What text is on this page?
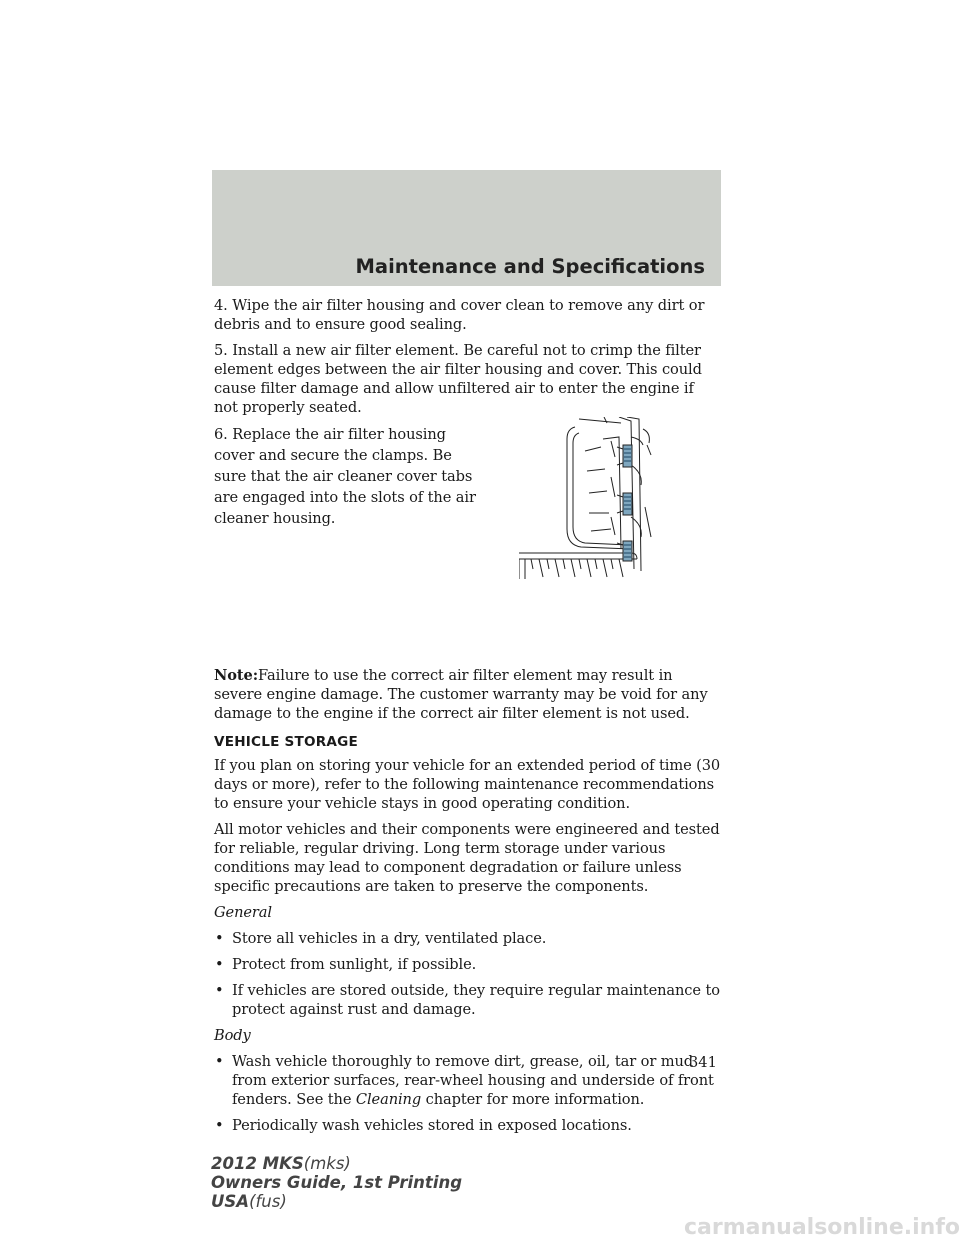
Maintenance and Specifications

4. Wipe the air filter housing and cover clean to remove any dirt or debris and to ensure good sealing.

5. Install a new air filter element. Be careful not to crimp the filter element edges between the air filter housing and cover. This could cause filter damage and allow unfiltered air to enter the engine if not properly seated.

6. Replace the air filter housing cover and secure the clamps. Be sure that the air cleaner cover tabs are engaged into the slots of the air cleaner housing.

Note:Failure to use the correct air filter element may result in severe engine damage. The customer warranty may be void for any damage to the engine if the correct air filter element is not used.

VEHICLE STORAGE

If you plan on storing your vehicle for an extended period of time (30 days or more), refer to the following maintenance recommendations to ensure your vehicle stays in good operating condition.

All motor vehicles and their components were engineered and tested for reliable, regular driving. Long term storage under various conditions may lead to component degradation or failure unless specific precautions are taken to preserve the components.

General
• Store all vehicles in a dry, ventilated place.
• Protect from sunlight, if possible.
• If vehicles are stored outside, they require regular maintenance to protect against rust and damage.
Body
• Wash vehicle thoroughly to remove dirt, grease, oil, tar or mud from exterior surfaces, rear-wheel housing and underside of front fenders. See the Cleaning chapter for more information.
• Periodically wash vehicles stored in exposed locations.
341
2012 MKS(mks)
Owners Guide, 1st Printing
USA(fus)
carmanualsonline.info
